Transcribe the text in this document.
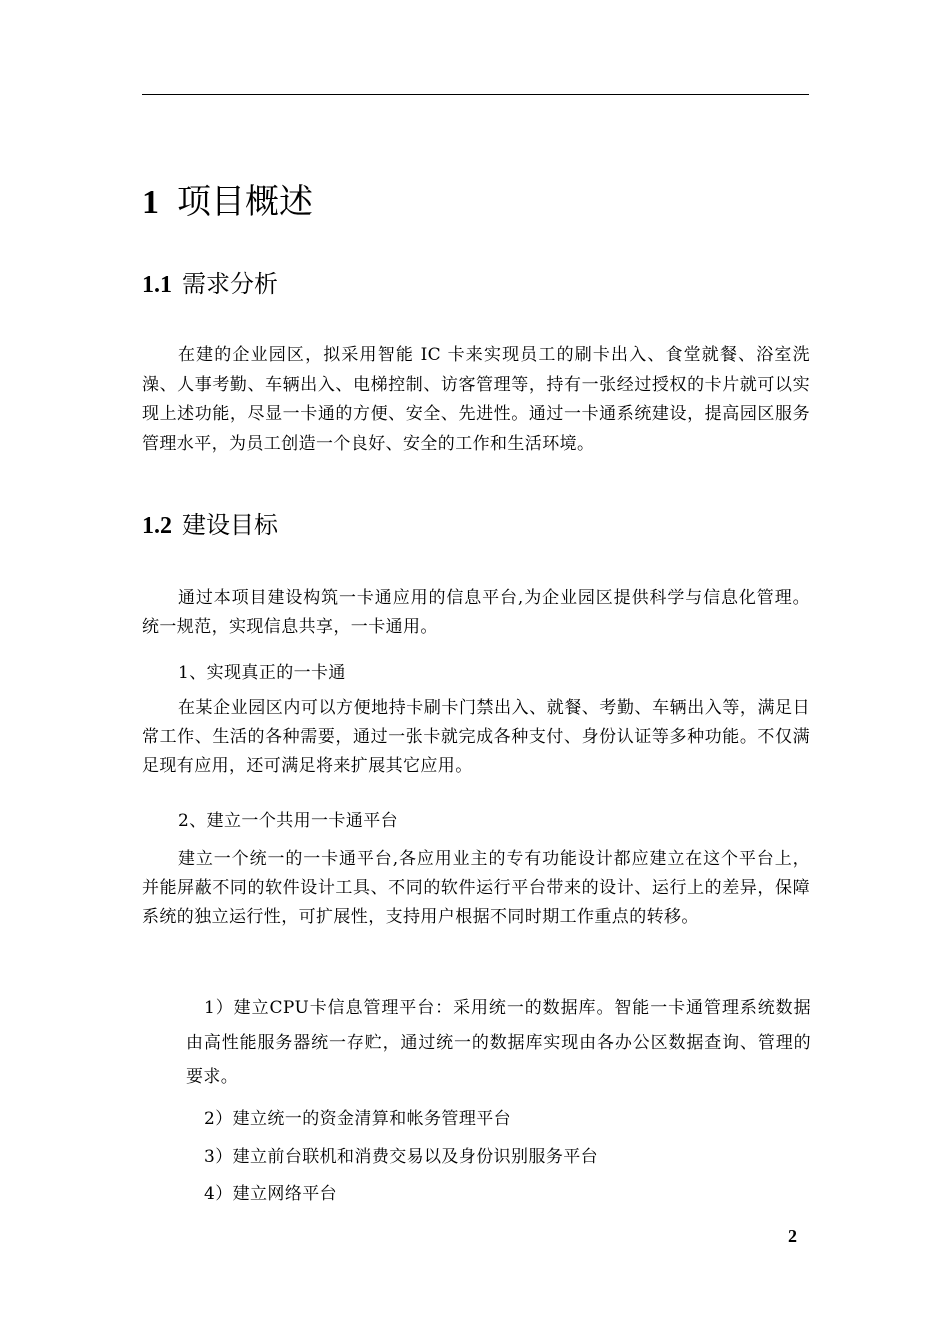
1 项目概述
1.1 需求分析

在建的企业园区，拟采用智能 IC 卡来实现员工的刷卡出入、食堂就餐、浴室洗澡、人事考勤、车辆出入、电梯控制、访客管理等，持有一张经过授权的卡片就可以实现上述功能，尽显一卡通的方便、安全、先进性。通过一卡通系统建设，提高园区服务管理水平，为员工创造一个良好、安全的工作和生活环境。

1.2 建设目标

通过本项目建设构筑一卡通应用的信息平台,为企业园区提供科学与信息化管理。统一规范，实现信息共享，一卡通用。

1、实现真正的一卡通

在某企业园区内可以方便地持卡刷卡门禁出入、就餐、考勤、车辆出入等，满足日常工作、生活的各种需要，通过一张卡就完成各种支付、身份认证等多种功能。不仅满足现有应用，还可满足将来扩展其它应用。

2、建立一个共用一卡通平台

建立一个统一的一卡通平台,各应用业主的专有功能设计都应建立在这个平台上，并能屏蔽不同的软件设计工具、不同的软件运行平台带来的设计、运行上的差异，保障系统的独立运行性，可扩展性，支持用户根据不同时期工作重点的转移。

1）建立CPU卡信息管理平台：采用统一的数据库。智能一卡通管理系统数据由高性能服务器统一存贮，通过统一的数据库实现由各办公区数据查询、管理的要求。

2）建立统一的资金清算和帐务管理平台

3）建立前台联机和消费交易以及身份识别服务平台

4）建立网络平台

2
